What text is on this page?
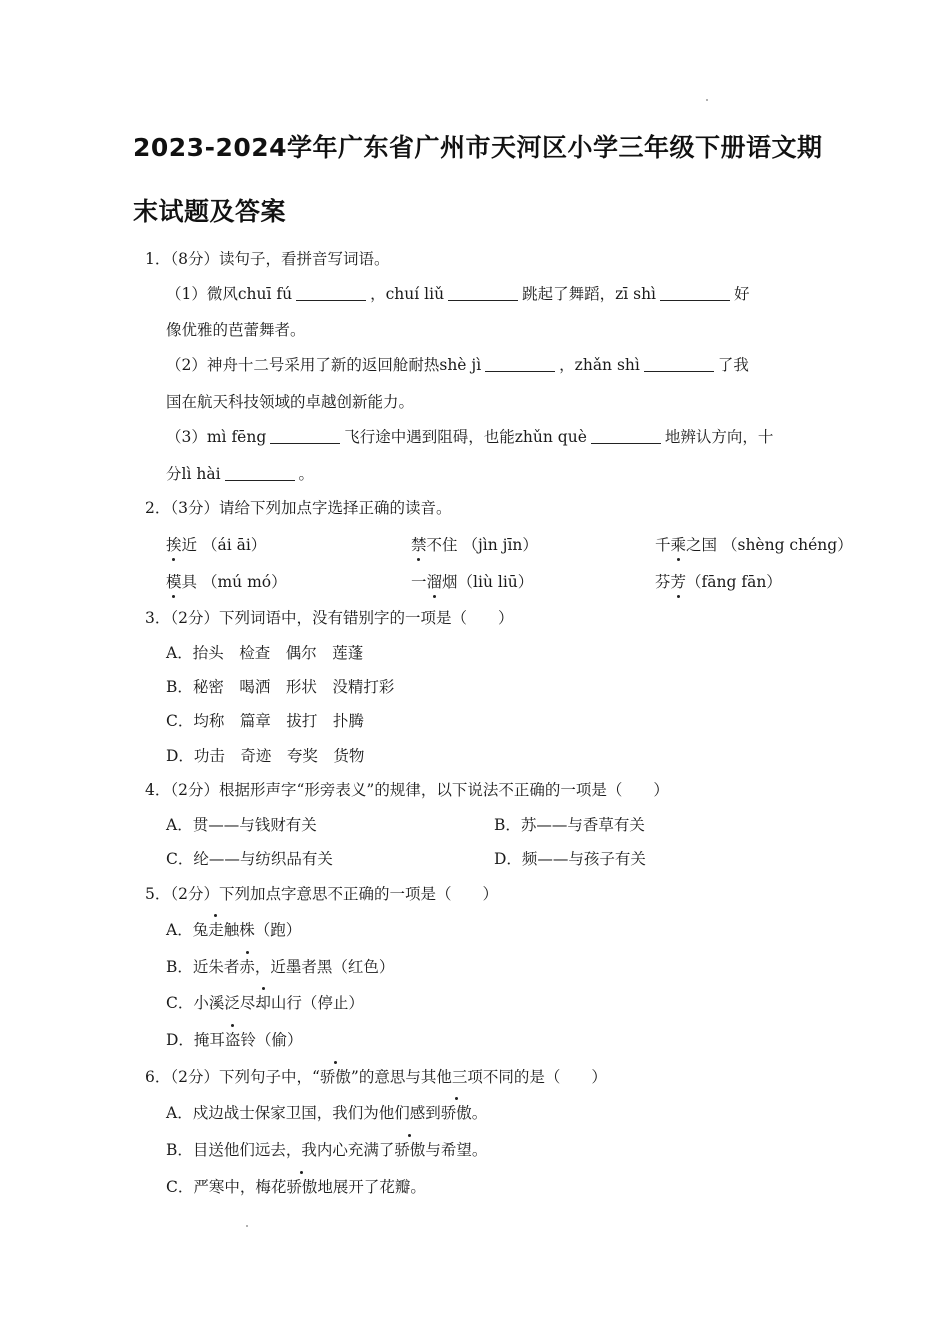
2023-2024学年广东省广州市天河区小学三年级下册语文期
末试题及答案
1．（8分）读句子，看拼音写词语。
（1）微风chuī fú	，chuí liǔ	跳起了舞蹈，zī shì	好
像优雅的芭蕾舞者。
（2）神舟十二号采用了新的返回舱耐热shè jì	，zhǎn shì	了我
国在航天科技领域的卓越创新能力。
（3）mì fēng	飞行途中遇到阻碍，也能zhǔn què	地辨认方向，十
分lì hài	。
2．（3分）请给下列加点字选择正确的读音。
挨近 （ái āi）	禁不住 （jìn jīn）	千乘之国 （shèng chéng）
模具 （mú mó）	一溜烟（liù liū）	芬芳（fāng fān）
3．（2分）下列词语中，没有错别字的一项是（　　）
A．抬头　检查　偶尔　莲蓬
B．秘密　喝洒　形状　没精打彩
C．均称　篇章　拔打　扑腾
D．功击　奇迹　夸奖　货物
4．（2分）根据形声字“形旁表义”的规律，以下说法不正确的一项是（　　）
A．贯——与钱财有关	B．苏——与香草有关
C．纶——与纺织品有关	D．频——与孩子有关
5．（2分）下列加点字意思不正确的一项是（　　）
A．兔走触株（跑）
B．近朱者赤，近墨者黑（红色）
C．小溪泛尽却山行（停止）
D．掩耳盗铃（偷）
6．（2分）下列句子中，“骄傲”的意思与其他三项不同的是（　　）
A．戍边战士保家卫国，我们为他们感到骄傲。
B．目送他们远去，我内心充满了骄傲与希望。
C．严寒中，梅花骄傲地展开了花瓣。
